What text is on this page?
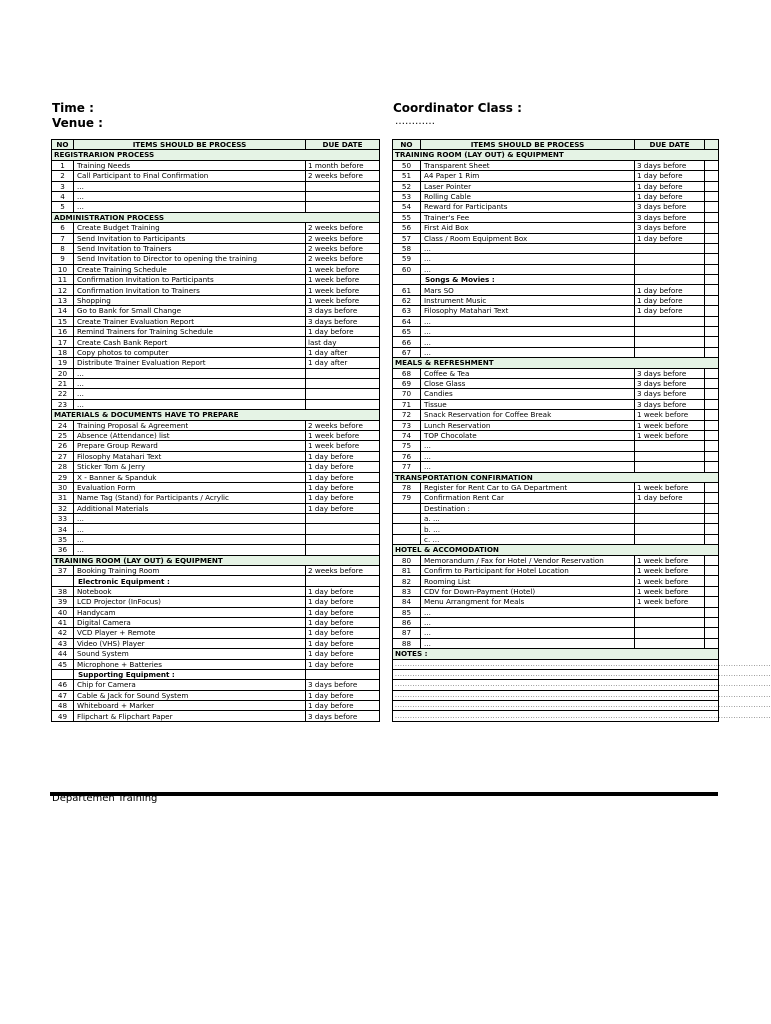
Time :
Venue :
Coordinator Class :
…………
NO	ITEMS SHOULD BE PROCESS	DUE DATE
REGISTRARION PROCESS		
1	Training Needs	1 month before
2	Call Participant to Final Confirmation	2 weeks before
3	...	
4	...	
5	...	
ADMINISTRATION PROCESS		
6	Create Budget Training	2 weeks before
7	Send Invitation to Participants	2 weeks before
8	Send Invitation to Trainers	2 weeks before
9	Send Invitation to Director to opening the training	2 weeks before
10	Create Training Schedule	1 week before
11	Confirmation Invitation to Participants	1 week before
12	Confirmation Invitation to Trainers	1 week before
13	Shopping	1 week before
14	Go to Bank for Small Change	3 days before
15	Create Trainer Evaluation Report	3 days before
16	Remind Trainers for Training Schedule	1 day before
17	Create Cash Bank Report	last day
18	Copy photos to computer	1 day after
19	Distribute Trainer Evaluation Report	1 day after
20	...	
21	...	
22	...	
23	...	
MATERIALS & DOCUMENTS HAVE TO PREPARE		
24	Training Proposal & Agreement	2 weeks before
25	Absence (Attendance) list	1 week before
26	Prepare Group Reward	1 week before
27	Filosophy Matahari Text	1 day before
28	Sticker Tom & Jerry	1 day before
29	X - Banner & Spanduk	1 day before
30	Evaluation Form	1 day before
31	Name Tag (Stand) for Participants / Acrylic	1 day before
32	Additional Materials	1 day before
33	...	
34	...	
35	...	
36	...	
TRAINING ROOM (LAY OUT) & EQUIPMENT		
37	Booking Training Room	2 weeks before
	Electronic Equipment :	
38	Notebook	1 day before
39	LCD Projector (InFocus)	1 day before
40	Handycam	1 day before
41	Digital Camera	1 day before
42	VCD Player + Remote	1 day before
43	Video (VHS) Player	1 day before
44	Sound System	1 day before
45	Microphone + Batteries	1 day before
	Supporting Equipment :	
46	Chip for Camera	3 days before
47	Cable & Jack for Sound System	1 day before
48	Whiteboard + Marker	1 day before
49	Flipchart & Flipchart Paper	3 days before
NO	ITEMS SHOULD BE PROCESS	DUE DATE	
TRAINING ROOM (LAY OUT) & EQUIPMENT			
50	Transparent Sheet	3 days before	
51	A4 Paper 1 Rim	1 day before	
52	Laser Pointer	1 day before	
53	Rolling Cable	1 day before	
54	Reward for Participants	3 days before	
55	Trainer's Fee	3 days before	
56	First Aid Box	3 days before	
57	Class / Room Equipment Box	1 day before	
58	...		
59	...		
60	...		
	Songs & Movies :		
61	Mars SO	1 day before	
62	Instrument Music	1 day before	
63	Filosophy Matahari Text	1 day before	
64	...		
65	...		
66	...		
67	...		
MEALS & REFRESHMENT			
68	Coffee & Tea	3 days before	
69	Close Glass	3 days before	
70	Candies	3 days before	
71	Tissue	3 days before	
72	Snack Reservation for Coffee Break	1 week before	
73	Lunch Reservation	1 week before	
74	TOP Chocolate	1 week before	
75	...		
76	...		
77	...		
TRANSPORTATION CONFIRMATION			
78	Register for Rent Car to GA Department	1 week before	
79	Confirmation Rent Car	1 day before	
	Destination :		
	a. ...		
	b. ...		
	c. ...		
HOTEL & ACCOMODATION			
80	Memorandum / Fax for Hotel / Vendor Reservation	1 week before	
81	Confirm to Participant for Hotel Location	1 week before	
82	Rooming List	1 week before	
83	CDV for Down-Payment (Hotel)	1 week before	
84	Menu Arrangment for Meals	1 week before	
85	...		
86	...		
87	...		
88	...		
NOTES :			
......................................................................................................................................................			
......................................................................................................................................................			
......................................................................................................................................................			
......................................................................................................................................................			
......................................................................................................................................................			
......................................................................................................................................................			
Departemen Training
